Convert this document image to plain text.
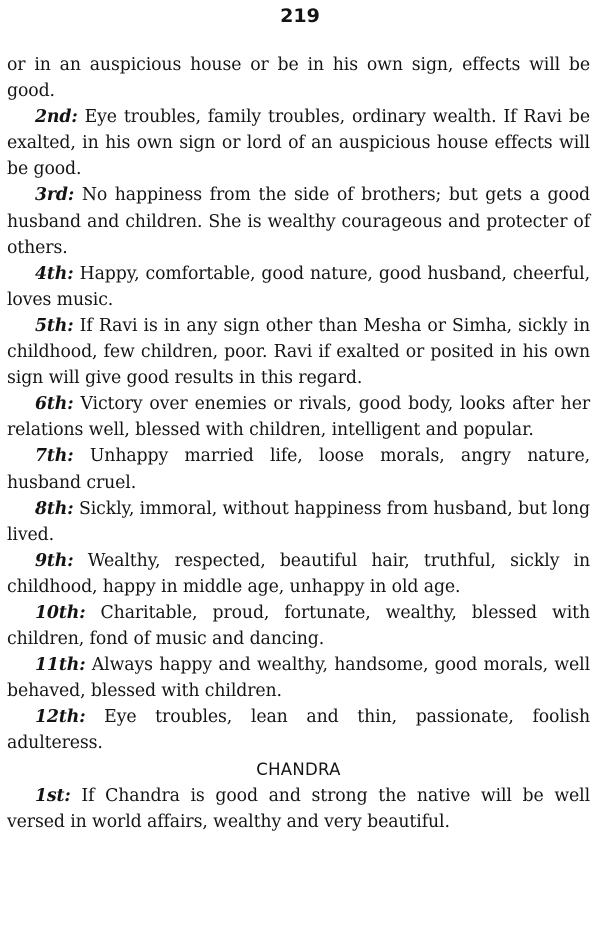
219

or in an auspicious house or be in his own sign, effects will be good.

2nd: Eye troubles, family troubles, ordinary wealth. If Ravi be exalted, in his own sign or lord of an auspicious house effects will be good.

3rd: No happiness from the side of brothers; but gets a good husband and children. She is wealthy courageous and protecter of others.

4th: Happy, comfortable, good nature, good husband, cheerful, loves music.

5th: If Ravi is in any sign other than Mesha or Simha, sickly in childhood, few children, poor. Ravi if exalted or posited in his own sign will give good results in this regard.

6th: Victory over enemies or rivals, good body, looks after her relations well, blessed with children, intelligent and popular.

7th: Unhappy married life, loose morals, angry nature, husband cruel.

8th: Sickly, immoral, without happiness from husband, but long lived.

9th: Wealthy, respected, beautiful hair, truthful, sickly in childhood, happy in middle age, unhappy in old age.

10th: Charitable, proud, fortunate, wealthy, blessed with children, fond of music and dancing.

11th: Always happy and wealthy, handsome, good morals, well behaved, blessed with children.

12th: Eye troubles, lean and thin, passionate, foolish adulteress.

CHANDRA

1st: If Chandra is good and strong the native will be well versed in world affairs, wealthy and very beautiful.
